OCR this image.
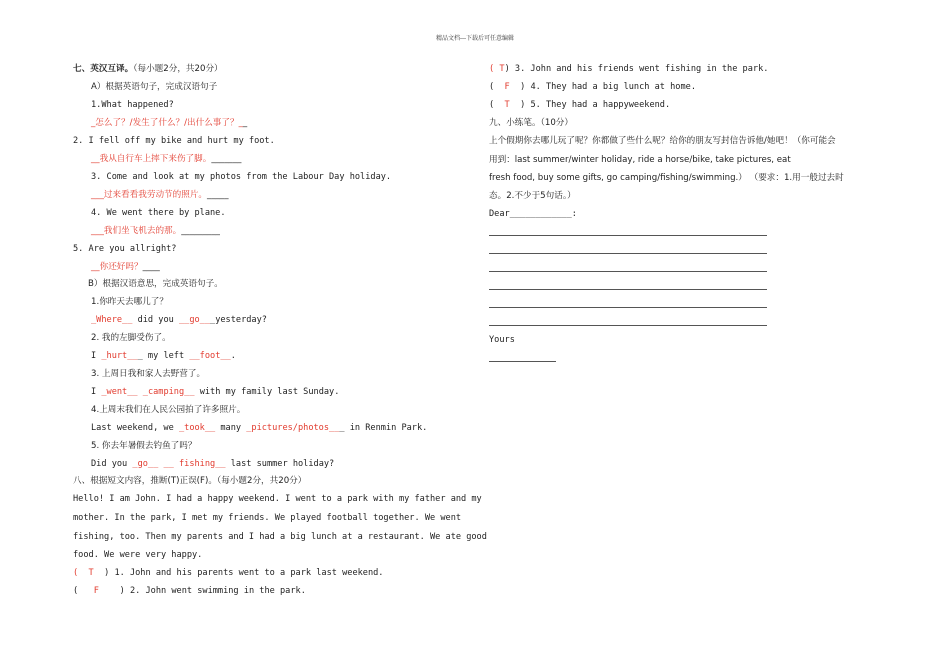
精品文档---下载后可任意编辑
七、英汉互译。（每小题2分，共20分）
A）根据英语句子，完成汉语句子
1.What happened?
_怎么了？/发生了什么？/出什么事了？__
2. I fell off my bike and hurt my foot.
__我从自行车上摔下来伤了脚。_______
3. Come and look at my photos from the Labour Day holiday.
___过来看看我劳动节的照片。_____
4. We went there by plane.
___我们坐飞机去的那。_________
5. Are you allright?
__你还好吗？____
B）根据汉语意思，完成英语句子。
1.你昨天去哪儿了？
_Where__ did you __go___yesterday?
2. 我的左脚受伤了。
I _hurt___ my left __foot__.
3. 上周日我和家人去野营了。
I _went__ _camping__ with my family last Sunday.
4.上周末我们在人民公园拍了许多照片。
Last weekend, we _took__ many _pictures/photos___ in Renmin Park.
5. 你去年暑假去钓鱼了吗？
Did you _go__ __ fishing__ last summer holiday?
八、根据短文内容，推断(T)正误(F)。（每小题2分，共20分）
Hello! I am John. I had a happy weekend. I went to a park with my father and my
mother. In the park, I met my friends. We played football together. We went
fishing, too. Then my parents and I had a big lunch at a restaurant. We ate good
food. We were very happy.
( T ) 1. John and his parents went to a park last weekend.
( F ) 2. John went swimming in the park.
( T) 3. John and his friends went fishing in the park.
( F ) 4. They had a big lunch at home.
( T ) 5. They had a happyweekend.
九、小练笔。（10分）
上个假期你去哪儿玩了呢？你都做了些什么呢？给你的朋友写封信告诉他/她吧！（你可能会
用到：last summer/winter holiday, ride a horse/bike, take pictures, eat
fresh food, buy some gifts, go camping/fishing/swimming.） （要求：1.用一般过去时
态。2.不少于5句话。）
Dear____________:
Yours
